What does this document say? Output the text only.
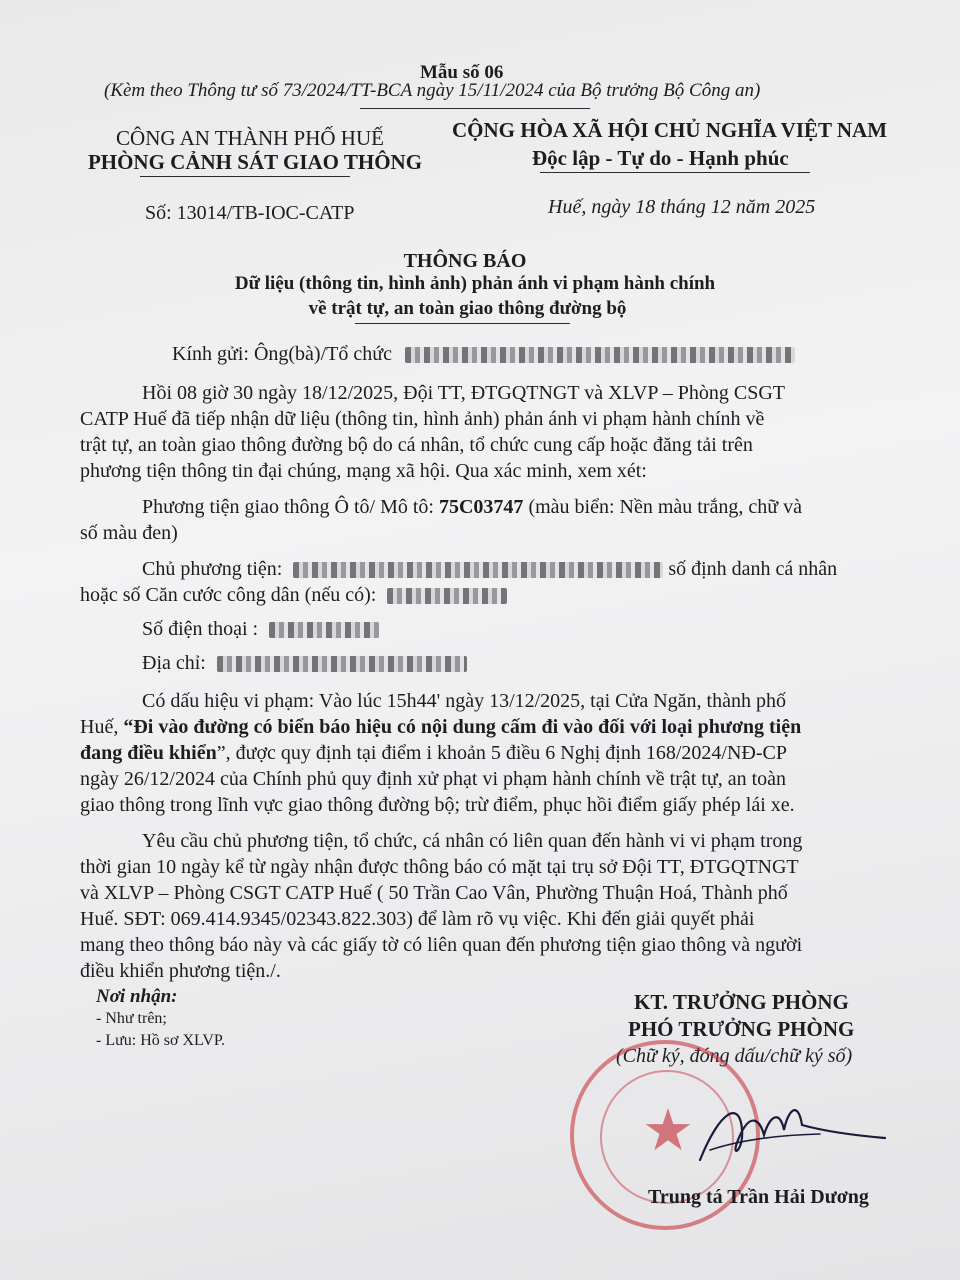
Mẫu số 06
(Kèm theo Thông tư số 73/2024/TT-BCA ngày 15/11/2024 của Bộ trưởng Bộ Công an)
CÔNG AN THÀNH PHỐ HUẾ
PHÒNG CẢNH SÁT GIAO THÔNG
CỘNG HÒA XÃ HỘI CHỦ NGHĨA VIỆT NAM
Độc lập - Tự do - Hạnh phúc
Số: 13014/TB-IOC-CATP	Huế, ngày 18 tháng 12 năm 2025
THÔNG BÁO
Dữ liệu (thông tin, hình ảnh) phản ánh vi phạm hành chính
về trật tự, an toàn giao thông đường bộ
Kính gửi: Ông(bà)/Tổ chức
Hồi 08 giờ 30 ngày 18/12/2025, Đội TT, ĐTGQTNGT và XLVP – Phòng CSGT
CATP Huế đã tiếp nhận dữ liệu (thông tin, hình ảnh) phản ánh vi phạm hành chính về
trật tự, an toàn giao thông đường bộ do cá nhân, tổ chức cung cấp hoặc đăng tải trên
phương tiện thông tin đại chúng, mạng xã hội. Qua xác minh, xem xét:
Phương tiện giao thông Ô tô/ Mô tô: 75C03747 (màu biển: Nền màu trắng, chữ và
số màu đen)
Chủ phương tiện:	số định danh cá nhân
hoặc số Căn cước công dân (nếu có):
Số điện thoại :
Địa chỉ:
Có dấu hiệu vi phạm: Vào lúc 15h44' ngày 13/12/2025, tại Cửa Ngăn, thành phố
Huế, “Đi vào đường có biển báo hiệu có nội dung cấm đi vào đối với loại phương tiện
đang điều khiển”, được quy định tại điểm i khoản 5 điều 6 Nghị định 168/2024/NĐ-CP
ngày 26/12/2024 của Chính phủ quy định xử phạt vi phạm hành chính về trật tự, an toàn
giao thông trong lĩnh vực giao thông đường bộ; trừ điểm, phục hồi điểm giấy phép lái xe.
Yêu cầu chủ phương tiện, tổ chức, cá nhân có liên quan đến hành vi vi phạm trong
thời gian 10 ngày kể từ ngày nhận được thông báo có mặt tại trụ sở Đội TT, ĐTGQTNGT
và XLVP – Phòng CSGT CATP Huế ( 50 Trần Cao Vân, Phường Thuận Hoá, Thành phố
Huế. SĐT: 069.414.9345/02343.822.303) để làm rõ vụ việc. Khi đến giải quyết phải
mang theo thông báo này và các giấy tờ có liên quan đến phương tiện giao thông và người
điều khiển phương tiện./.
Nơi nhận:
- Như trên;
- Lưu: Hồ sơ XLVP.
KT. TRƯỞNG PHÒNG
PHÓ TRƯỞNG PHÒNG
(Chữ ký, đóng dấu/chữ ký số)
★
Trung tá Trần Hải Dương
